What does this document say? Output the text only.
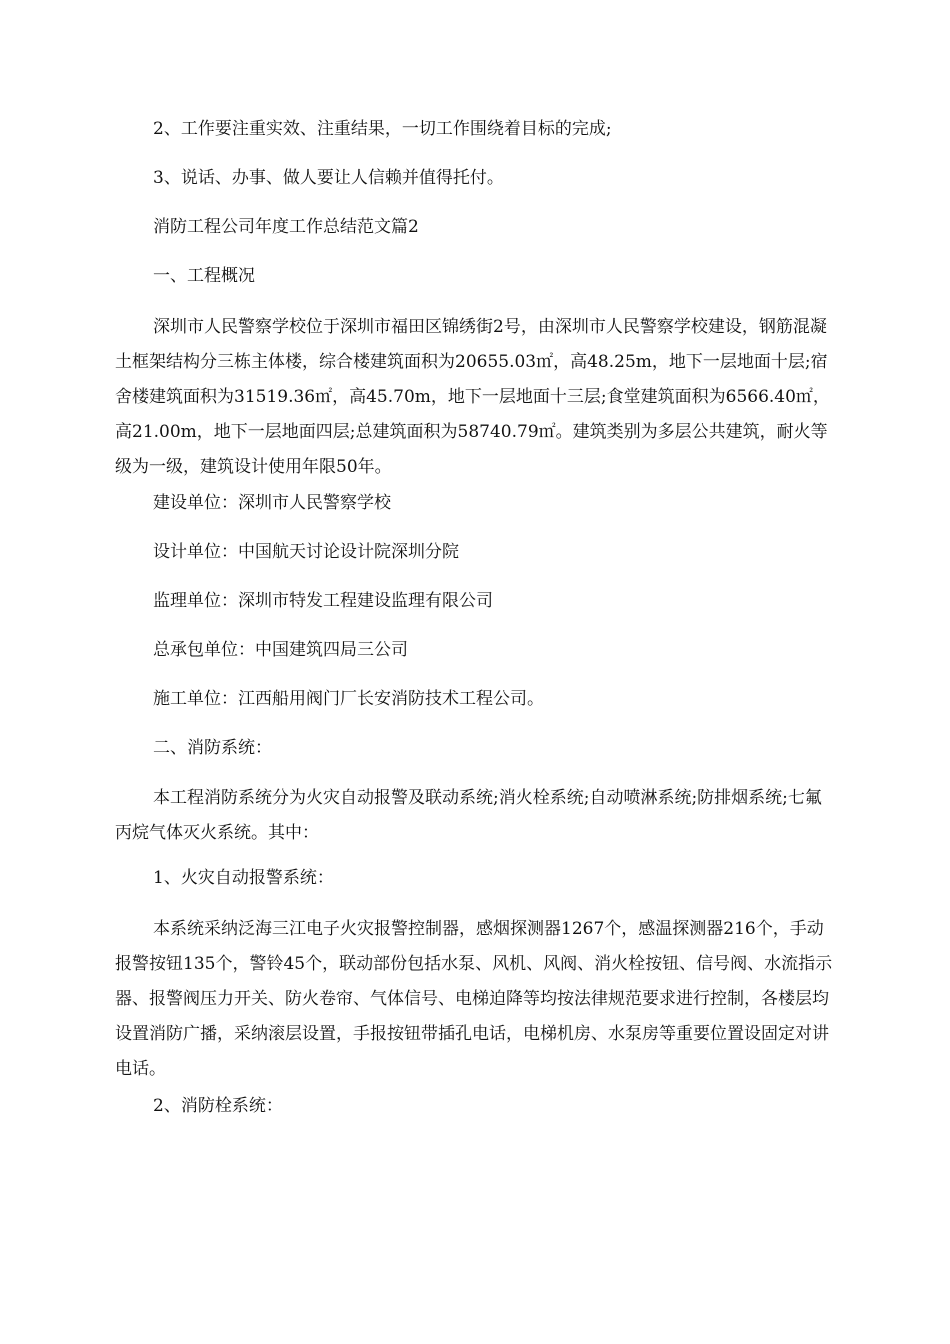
2、工作要注重实效、注重结果，一切工作围绕着目标的完成;
3、说话、办事、做人要让人信赖并值得托付。
消防工程公司年度工作总结范文篇2
一、工程概况
深圳市人民警察学校位于深圳市福田区锦绣街2号，由深圳市人民警察学校建设，钢筋混凝土框架结构分三栋主体楼，综合楼建筑面积为20655.03㎡，高48.25m，地下一层地面十层;宿舍楼建筑面积为31519.36㎡，高45.70m，地下一层地面十三层;食堂建筑面积为6566.40㎡，高21.00m，地下一层地面四层;总建筑面积为58740.79㎡。建筑类别为多层公共建筑，耐火等级为一级，建筑设计使用年限50年。
建设单位：深圳市人民警察学校
设计单位：中国航天讨论设计院深圳分院
监理单位：深圳市特发工程建设监理有限公司
总承包单位：中国建筑四局三公司
施工单位：江西船用阀门厂长安消防技术工程公司。
二、消防系统：
本工程消防系统分为火灾自动报警及联动系统;消火栓系统;自动喷淋系统;防排烟系统;七氟丙烷气体灭火系统。其中：
1、火灾自动报警系统：
本系统采纳泛海三江电子火灾报警控制器，感烟探测器1267个，感温探测器216个，手动报警按钮135个，警铃45个，联动部份包括水泵、风机、风阀、消火栓按钮、信号阀、水流指示器、报警阀压力开关、防火卷帘、气体信号、电梯迫降等均按法律规范要求进行控制，各楼层均设置消防广播，采纳滚层设置，手报按钮带插孔电话，电梯机房、水泵房等重要位置设固定对讲电话。
2、消防栓系统：
